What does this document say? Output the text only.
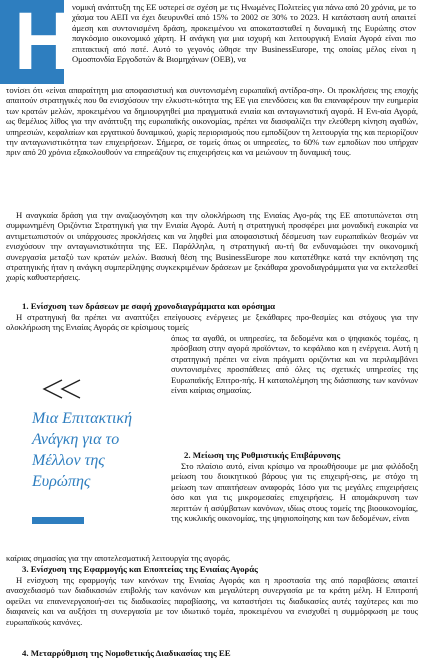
Η
νομική ανάπτυξη της ΕΕ υστερεί σε σχέση με τις Ηνωμένες Πολιτείες για πάνω από 20 χρόνια, με το χάσμα του ΑΕΠ να έχει διευρυνθεί από 15% το 2002 σε 30% το 2023. Η κατάσταση αυτή απαιτεί άμεση και συντονισμένη δράση, προκειμένου να αποκατασταθεί η δυναμική της Ευρώπης στον παγκόσμιο οικονομικό χάρτη. Η ανάγκη για μια ισχυρή και λειτουργική Ενιαία Αγορά είναι πιο επιτακτική από ποτέ. Αυτό το γεγονός ώθησε την BusinessEurope, της οποίας μέλος είναι η Ομοσπονδία Εργοδοτών & Βιομηχάνων (ΟΕΒ), να
τονίσει ότι «είναι απαραίτητη μια αποφασιστική και συντονισμένη ευρωπαϊκή αντίδρα-ση». Οι προκλήσεις της εποχής απαιτούν στρατηγικές που θα ενισχύσουν την ελκυστι-κότητα της ΕΕ για επενδύσεις και θα επαναφέρουν την ευημερία των κρατών μελών, προκειμένου να δημιουργηθεί μια πραγματικά ενιαία και ανταγωνιστική αγορά. Η Ενι-αία Αγορά, ως θεμέλιος λίθος για την ανάπτυξη της ευρωπαϊκής οικονομίας, πρέπει να διασφαλίζει την ελεύθερη κίνηση αγαθών, υπηρεσιών, κεφαλαίων και εργατικού δυναμικού, χωρίς περιορισμούς που εμποδίζουν τη λειτουργία της και περιορίζουν την ανταγωνιστικότητα των επιχειρήσεων. Σήμερα, σε τομείς όπως οι υπηρεσίες, το 60% των εμποδίων που υπήρχαν πριν από 20 χρόνια εξακολουθούν να επηρεάζουν τις επιχειρήσεις και να μειώνουν τη δυναμική τους.

Η αναγκαία δράση για την αναζωογόνηση και την ολοκλήρωση της Ενιαίας Αγο-ράς της ΕΕ αποτυπώνεται στη συμφωνημένη Οριζόντια Στρατηγική για την Ενιαία Αγορά. Αυτή η στρατηγική προσφέρει μια μοναδική ευκαιρία να αντιμετωπιστούν οι υπάρχουσες προκλήσεις και να ληφθεί μια αποφασιστική δέσμευση των ευρωπαϊκών θεσμών να ενισχύσουν την ανταγωνιστικότητα της ΕΕ. Παράλληλα, η στρατηγική αυ-τή θα ενδυναμώσει την οικονομική συνεργασία μεταξύ των κρατών μελών. Βασική θέση της BusinessEurope που κατατέθηκε κατά την εκπόνηση της στρατηγικής ήταν η ανάγκη συμπερίληψης συγκεκριμένων δράσεων με ξεκάθαρα χρονοδιαγράμματα για να εκτελεσθεί χωρίς καθυστερήσεις.

1. Ενίσχυση των δράσεων με σαφή χρονοδιαγράμματα και ορόσημα

Η στρατηγική θα πρέπει να αναπτύξει επείγουσες ενέργειες με ξεκάθαρες προ-θεσμίες και στόχους για την ολοκλήρωση της Ενιαίας Αγοράς σε κρίσιμους τομείς

όπως τα αγαθά, οι υπηρεσίες, τα δεδομένα και ο ψηφιακός τομέας, η πρόσβαση στην αγορά προϊόντων, το κεφάλαιο και η ενέργεια. Αυτή η στρατηγική πρέπει να είναι πράγματι οριζόντια και να περιλαμβάνει συντονισμένες προσπάθειες από όλες τις σχετικές υπηρεσίες της Ευρωπαϊκής Επιτρο-πής. Η καταπολέμηση της διάσπασης των κανόνων είναι καίριας σημασίας.
Μια Επιτακτική Ανάγκη για το Μέλλον της Ευρώπης
2. Μείωση της Ρυθμιστικής Επιβάρυνσης

Στο πλαίσιο αυτό, είναι κρίσιμο να προωθήσουμε με μια φιλόδοξη μείωση του διοικητικού βάρους για τις επιχειρή-σεις, με στόχο τη μείωση των απαιτήσεων αναφοράς 1όσο για τις μεγάλες επιχειρήσεις όσο και για τις μικρομεσαίες επιχειρήσεις. Η απομάκρυνση των περιττών ή ασύμβατων κανόνων, ιδίως στους τομείς της βιοοικονομίας, της κυκλικής οικονομίας, της ψηφιοποίησης και των δεδομένων, είναι

καίριας σημασίας για την αποτελεσματική λειτουργία της αγοράς.
3. Ενίσχυση της Εφαρμογής και Εποπτείας της Ενιαίας Αγοράς

Η ενίσχυση της εφαρμογής των κανόνων της Ενιαίας Αγοράς και η προστασία της από παραβάσεις απαιτεί ανασχεδιασμό των διαδικασιών επιβολής των κανόνων και μεγαλύτερη συνεργασία με τα κράτη μέλη. Η Επιτροπή οφείλει να επανενεργοποιή-σει τις διαδικασίες παραβίασης, να καταστήσει τις διαδικασίες αυτές ταχύτερες και πιο διαφανείς και να αυξήσει τη συνεργασία με τον ιδιωτικό τομέα, προκειμένου να ενισχυθεί η συμμόρφωση με τους ευρωπαϊκούς κανόνες.

4. Μεταρρύθμιση της Νομοθετικής Διαδικασίας της ΕΕ
